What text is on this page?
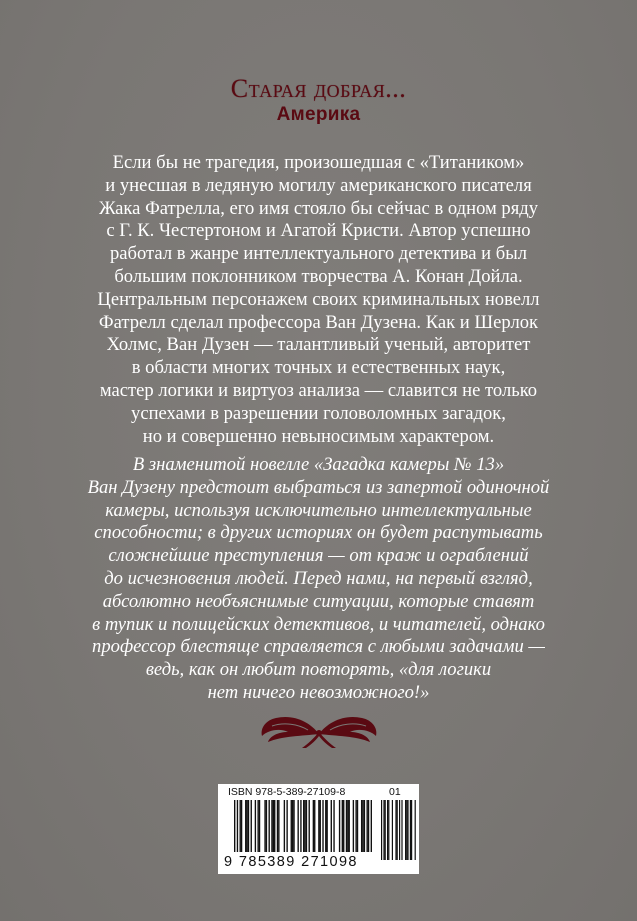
Старая добрая...
Америка
Если бы не трагедия, произошедшая с «Титаником»
и унесшая в ледяную могилу американского писателя
Жака Фатрелла, его имя стояло бы сейчас в одном ряду
с Г. К. Честертоном и Агатой Кристи. Автор успешно
работал в жанре интеллектуального детектива и был
большим поклонником творчества А. Конан Дойла.
Центральным персонажем своих криминальных новелл
Фатрелл сделал профессора Ван Дузена. Как и Шерлок
Холмс, Ван Дузен — талантливый ученый, авторитет
в области многих точных и естественных наук,
мастер логики и виртуоз анализа — славится не только
успехами в разрешении головоломных загадок,
но и совершенно невыносимым характером.
В знаменитой новелле «Загадка камеры № 13»
Ван Дузену предстоит выбраться из запертой одиночной
камеры, используя исключительно интеллектуальные
способности; в других историях он будет распутывать
сложнейшие преступления — от краж и ограблений
до исчезновения людей. Перед нами, на первый взгляд,
абсолютно необъяснимые ситуации, которые ставят
в тупик и полицейских детективов, и читателей, однако
профессор блестяще справляется с любыми задачами —
ведь, как он любит повторять, «для логики
нет ничего невозможного!»
ISBN 978-5-389-27109-8	01
9 785389 271098
